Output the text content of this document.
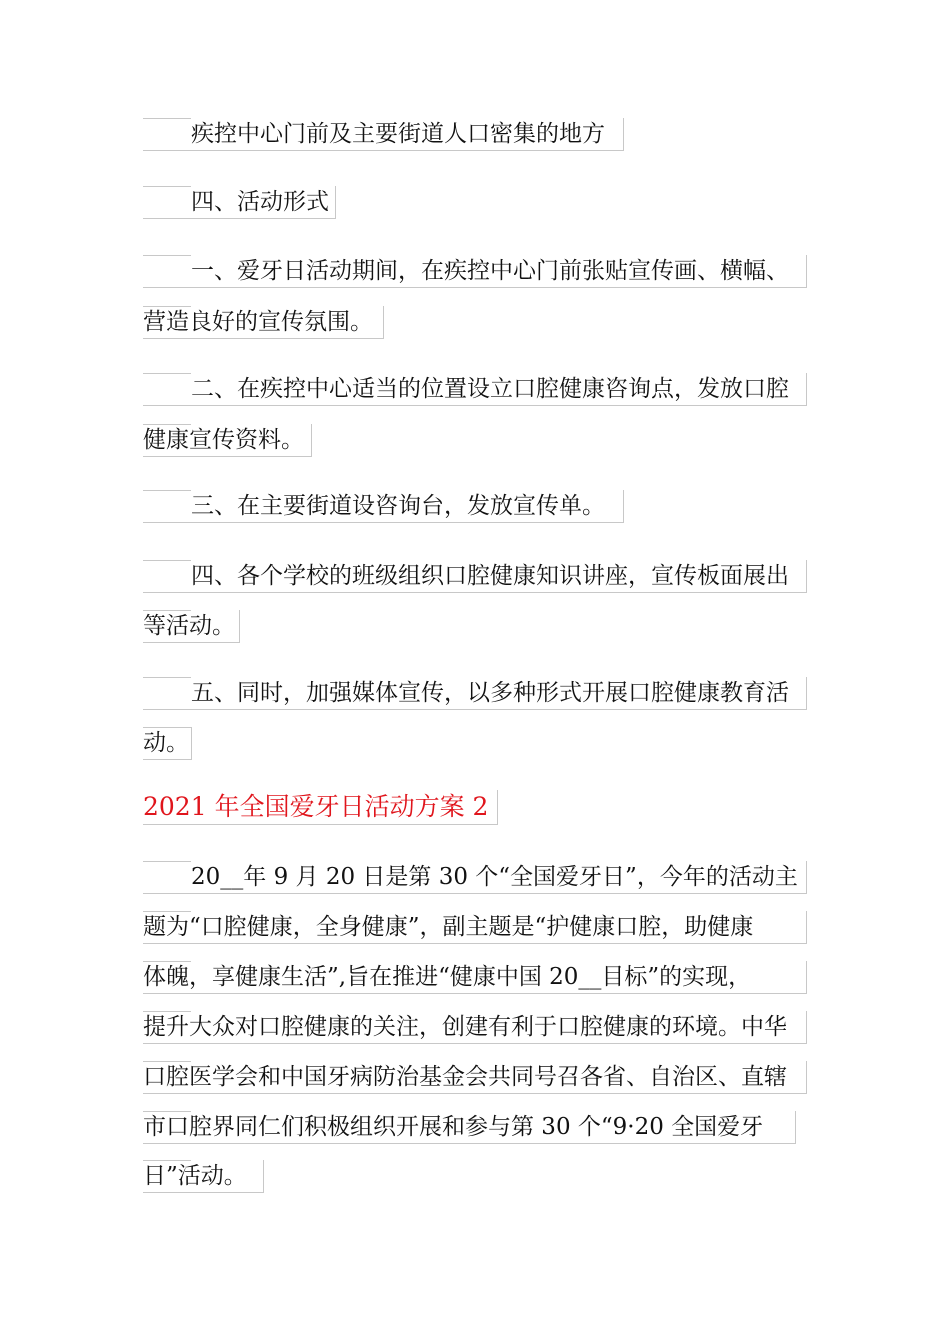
疾控中心门前及主要街道人口密集的地方
四、活动形式
一、爱牙日活动期间，在疾控中心门前张贴宣传画、横幅、
营造良好的宣传氛围。
二、在疾控中心适当的位置设立口腔健康咨询点，发放口腔
健康宣传资料。
三、在主要街道设咨询台，发放宣传单。
四、各个学校的班级组织口腔健康知识讲座，宣传板面展出
等活动。
五、同时，加强媒体宣传，以多种形式开展口腔健康教育活
动。
2021 年全国爱牙日活动方案 2
20__年 9 月 20 日是第 30 个“全国爱牙日”，今年的活动主
题为“口腔健康，全身健康”，副主题是“护健康口腔，助健康
体魄，享健康生活”,旨在推进“健康中国 20__目标”的实现，
提升大众对口腔健康的关注，创建有利于口腔健康的环境。中华
口腔医学会和中国牙病防治基金会共同号召各省、自治区、直辖
市口腔界同仁们积极组织开展和参与第 30 个“9·20 全国爱牙
日”活动。
